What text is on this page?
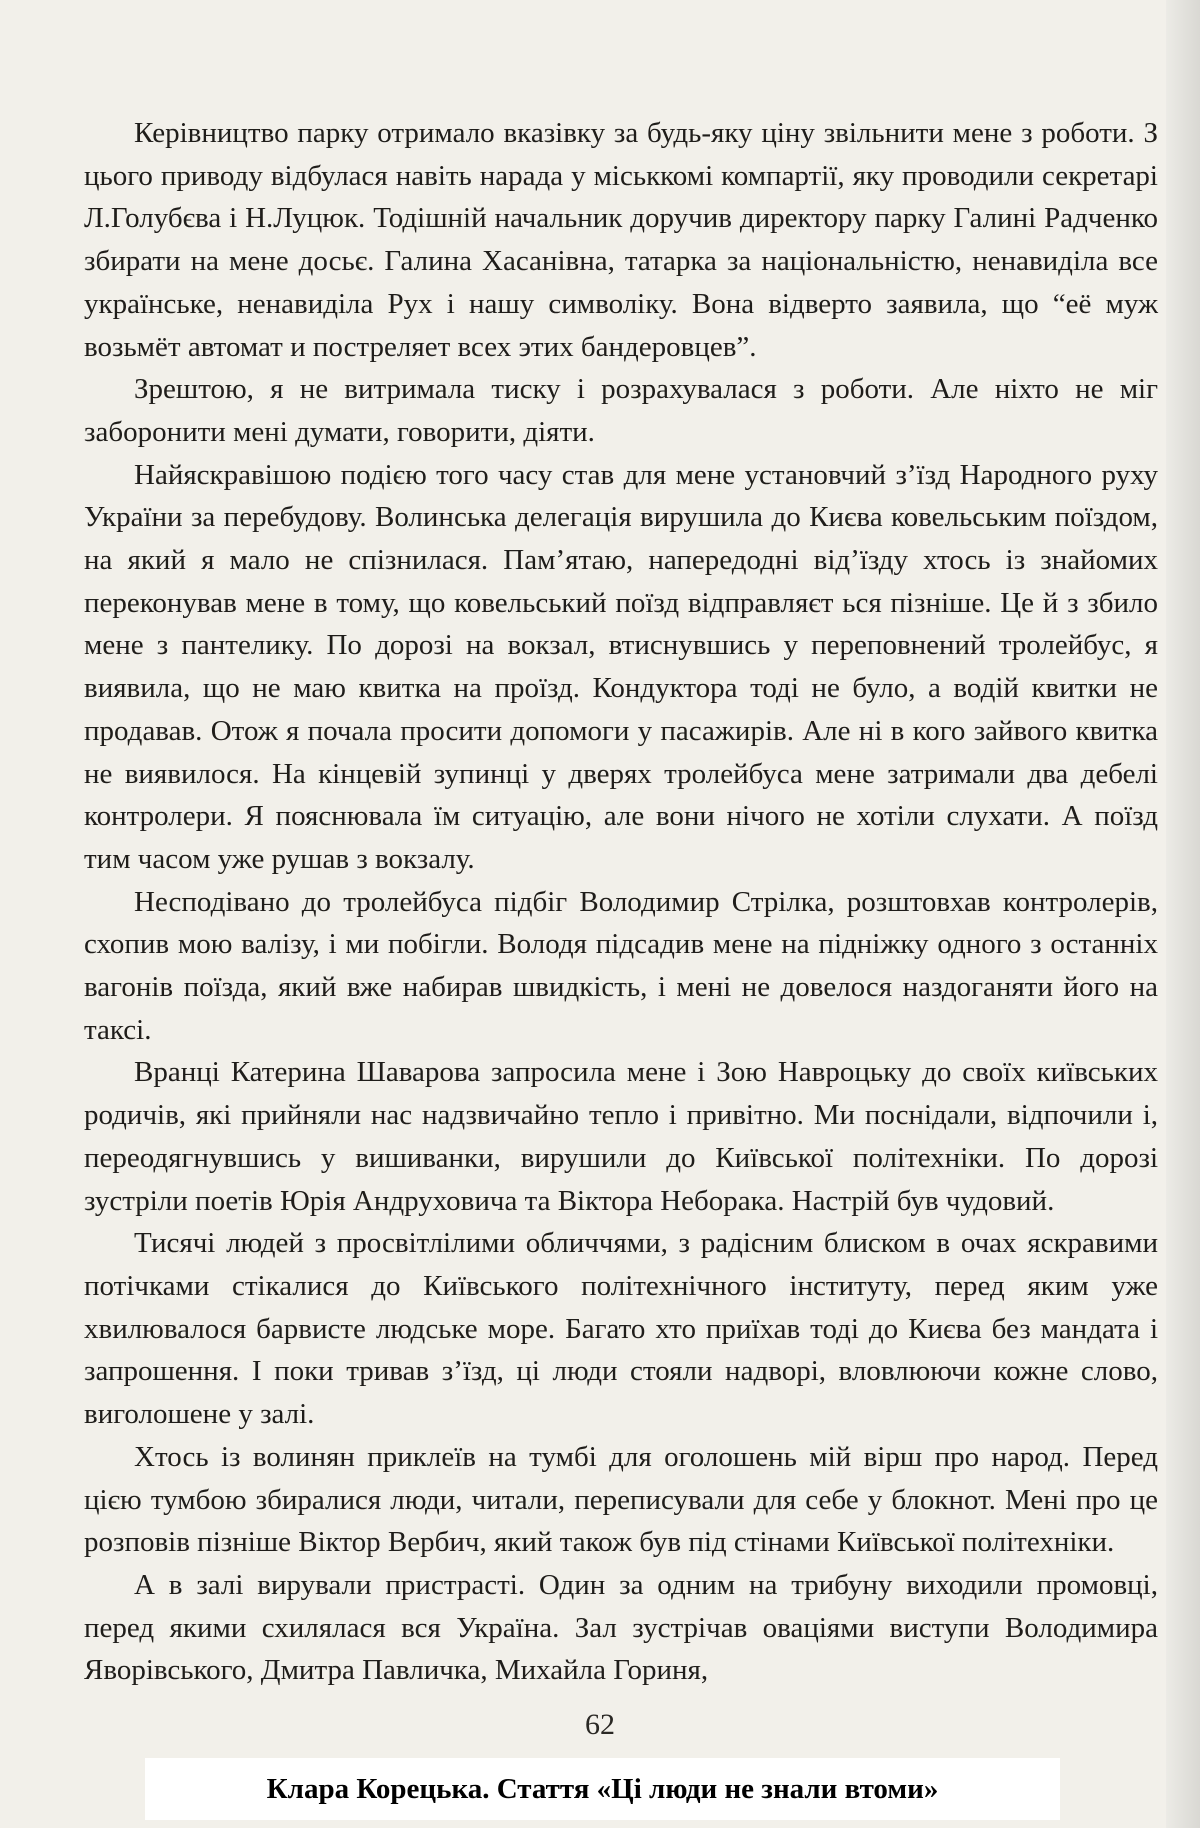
Керівництво парку отримало вказівку за будь-яку ціну звільнити мене з роботи. З цього приводу відбулася навіть нарада у міськкомі компартії, яку проводили секретарі Л.Голубєва і Н.Луцюк. Тодішній начальник доручив директору парку Галині Радченко збирати на мене досьє. Галина Хасанівна, татарка за національністю, ненавиділа все українське, ненавиділа Рух і нашу символіку. Вона відверто заявила, що “её муж возьмёт автомат и постреляет всех этих бандеровцев”.

Зрештою, я не витримала тиску і розрахувалася з роботи. Але ніхто не міг заборонити мені думати, говорити, діяти.

Найяскравішою подією того часу став для мене установчий з’їзд Народного руху України за перебудову. Волинська делегація вирушила до Києва ковельським поїздом, на який я мало не спізнилася. Пам’ятаю, напередодні від’їзду хтось із знайомих переконував мене в тому, що ковельський поїзд відправляєт ься пізніше. Це й з збило мене з пантелику. По дорозі на вокзал, втиснувшись у переповнений тролейбус, я виявила, що не маю квитка на проїзд. Кондуктора тоді не було, а водій квитки не продавав. Отож я почала просити допомоги у пасажирів. Але ні в кого зайвого квитка не виявилося. На кінцевій зупинці у дверях тролейбуса мене затримали два дебелі контролери. Я пояснювала їм ситуацію, але вони нічого не хотіли слухати. А поїзд тим часом уже рушав з вокзалу.

Несподівано до тролейбуса підбіг Володимир Стрілка, розштовхав контролерів, схопив мою валізу, і ми побігли. Володя підсадив мене на підніжку одного з останніх вагонів поїзда, який вже набирав швидкість, і мені не довелося наздоганяти його на таксі.

Вранці Катерина Шаварова запросила мене і Зою Навроцьку до своїх київських родичів, які прийняли нас надзвичайно тепло і привітно. Ми поснідали, відпочили і, переодягнувшись у вишиванки, вирушили до Київської політехніки. По дорозі зустріли поетів Юрія Андруховича та Віктора Неборака. Настрій був чудовий.

Тисячі людей з просвітлілими обличчями, з радісним блиском в очах яскравими потічками стікалися до Київського політехнічного інституту, перед яким уже хвилювалося барвисте людське море. Багато хто приїхав тоді до Києва без мандата і запрошення. І поки тривав з’їзд, ці люди стояли надворі, вловлюючи кожне слово, виголошене у залі.

Хтось із волинян приклеїв на тумбі для оголошень мій вірш про народ. Перед цією тумбою збиралися люди, читали, переписували для себе у блокнот. Мені про це розповів пізніше Віктор Вербич, який також був під стінами Київської політехніки.

А в залі вирували пристрасті. Один за одним на трибуну виходили промовці, перед якими схилялася вся Україна. Зал зустрічав оваціями виступи Володимира Яворівського, Дмитра Павличка, Михайла Гориня,

62
Клара Корецька. Стаття «Ці люди не знали втоми»
